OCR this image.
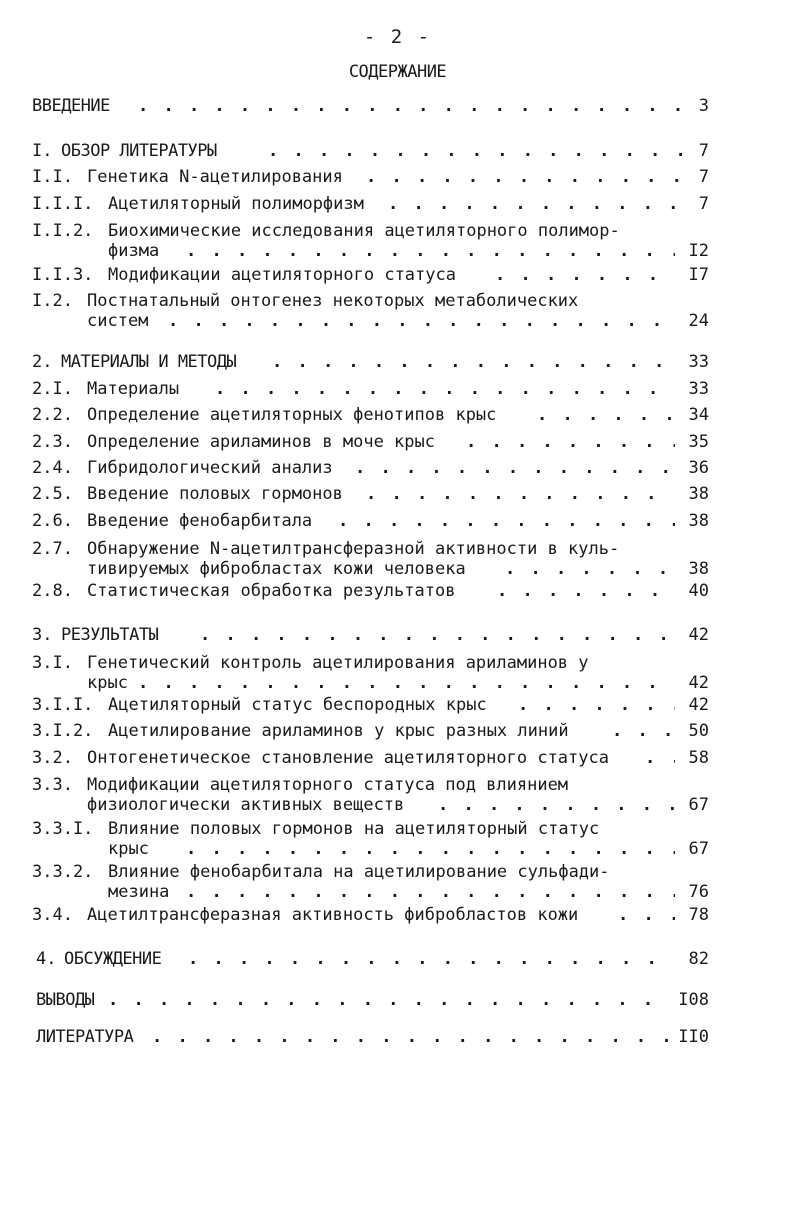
- 2 -
СОДЕРЖАНИЕ
ВВЕДЕНИЕ . . .	3
I. ОБЗОР ЛИТЕРАТУРЫ . . .	7
I.I. Генетика N-ацетилирования . . .	7
I.I.I. Ацетиляторный полиморфизм . . .	7
I.I.2. Биохимические исследования ацетиляторного полимор-
физма . . .	I2
I.I.3. Модификации ацетиляторного статуса . . .	I7
I.2. Постнатальный онтогенез некоторых метаболических
систем . . .	24
2. МАТЕРИАЛЫ И МЕТОДЫ . . .	33
2.I. Материалы . . .	33
2.2. Определение ацетиляторных фенотипов крыс . . .	34
2.3. Определение ариламинов в моче крыс . . .	35
2.4. Гибридологический анализ . . .	36
2.5. Введение половых гормонов . . .	38
2.6. Введение фенобарбитала . . .	38
2.7. Обнаружение N-ацетилтрансферазной активности в куль-
тивируемых фибробластах кожи человека . . .	38
2.8. Статистическая обработка результатов . . .	40
3. РЕЗУЛЬТАТЫ . . .	42
3.I. Генетический контроль ацетилирования ариламинов у
крыс . . .	42
3.I.I. Ацетиляторный статус беспородных крыс . . .	42
3.I.2. Ацетилирование ариламинов у крыс разных линий . . .	50
3.2. Онтогенетическое становление ацетиляторного статуса . . .	58
3.3. Модификации ацетиляторного статуса под влиянием
физиологически активных веществ . . .	67
3.3.I. Влияние половых гормонов на ацетиляторный статус
крыс . . .	67
3.3.2. Влияние фенобарбитала на ацетилирование сульфади-
мезина . . .	76
3.4. Ацетилтрансферазная активность фибробластов кожи . . .	78
4. ОБСУЖДЕНИЕ . . .	82
ВЫВОДЫ . . .	I08
ЛИТЕРАТУРА . . .	II0
